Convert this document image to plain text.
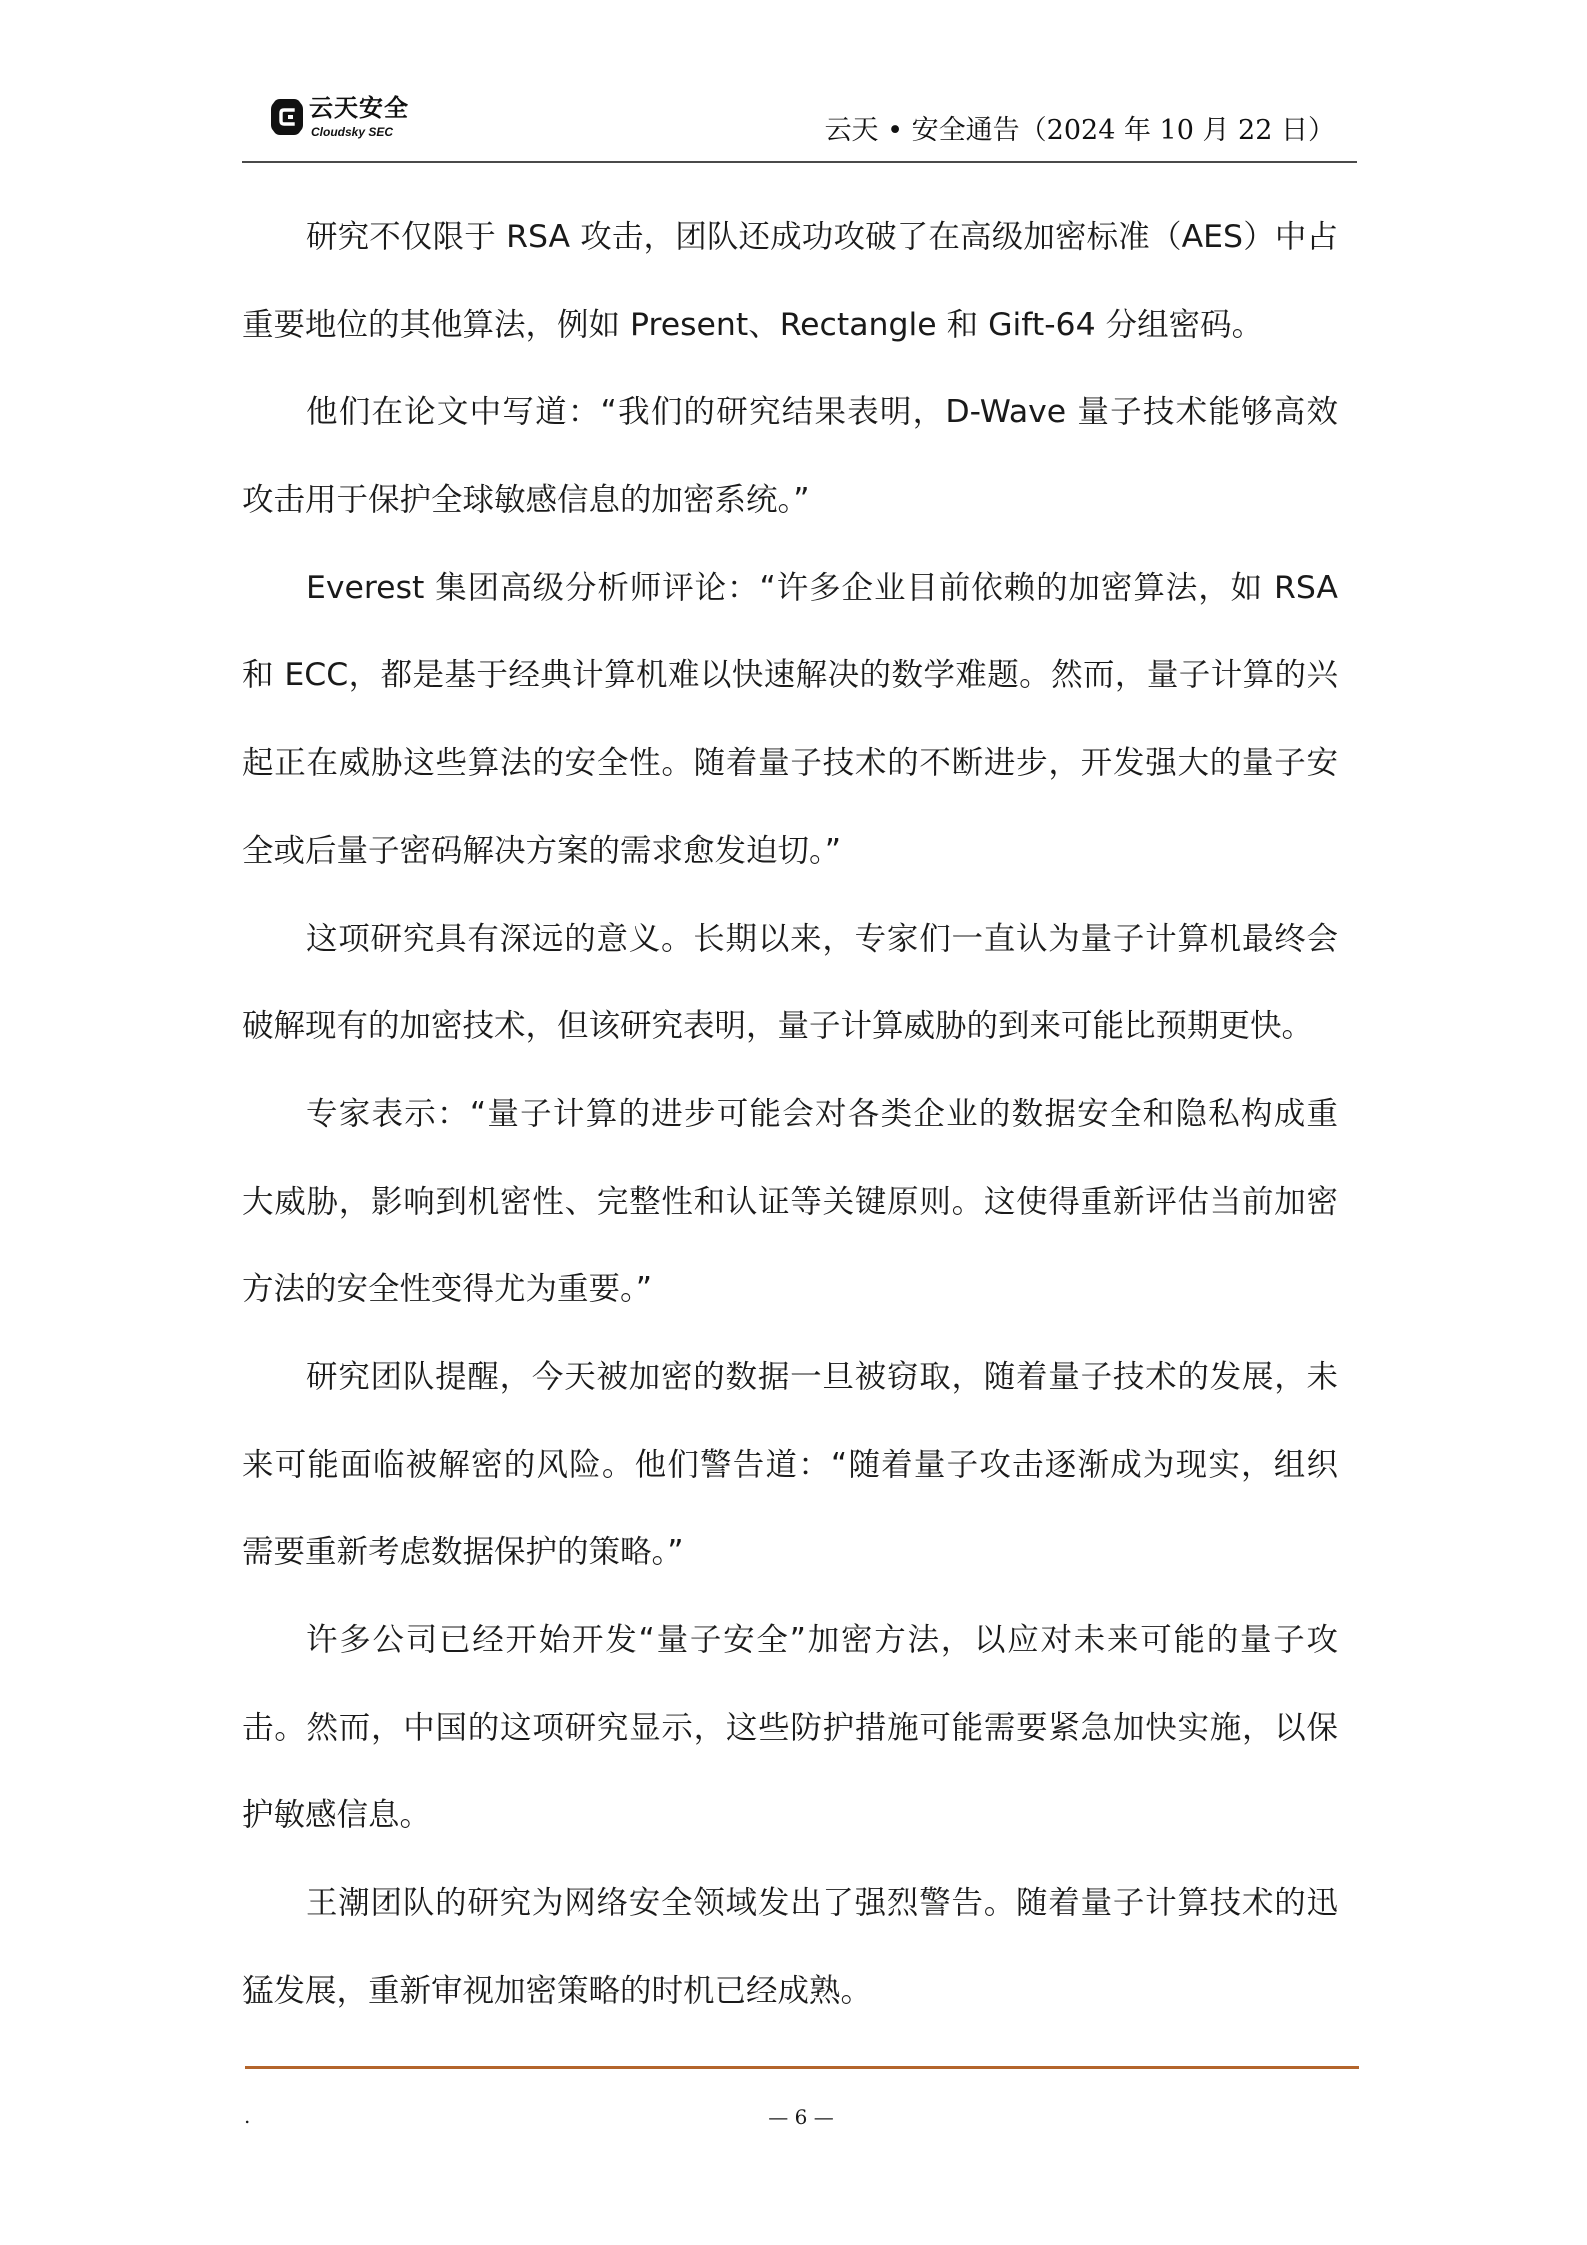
云天安全
Cloudsky SEC	云天 • 安全通告（2024 年 10 月 22 日）
研究不仅限于 RSA 攻击，团队还成功攻破了在高级加密标准（AES）中占
重要地位的其他算法，例如 Present、Rectangle 和 Gift-64 分组密码。
他们在论文中写道：“我们的研究结果表明，D-Wave 量子技术能够高效
攻击用于保护全球敏感信息的加密系统。”
Everest 集团高级分析师评论：“许多企业目前依赖的加密算法，如 RSA
和 ECC，都是基于经典计算机难以快速解决的数学难题。然而，量子计算的兴
起正在威胁这些算法的安全性。随着量子技术的不断进步，开发强大的量子安
全或后量子密码解决方案的需求愈发迫切。”
这项研究具有深远的意义。长期以来，专家们一直认为量子计算机最终会
破解现有的加密技术，但该研究表明，量子计算威胁的到来可能比预期更快。
专家表示：“量子计算的进步可能会对各类企业的数据安全和隐私构成重
大威胁，影响到机密性、完整性和认证等关键原则。这使得重新评估当前加密
方法的安全性变得尤为重要。”
研究团队提醒，今天被加密的数据一旦被窃取，随着量子技术的发展，未
来可能面临被解密的风险。他们警告道：“随着量子攻击逐渐成为现实，组织
需要重新考虑数据保护的策略。”
许多公司已经开始开发“量子安全”加密方法，以应对未来可能的量子攻
击。然而，中国的这项研究显示，这些防护措施可能需要紧急加快实施，以保
护敏感信息。
王潮团队的研究为网络安全领域发出了强烈警告。随着量子计算技术的迅
猛发展，重新审视加密策略的时机已经成熟。
.	— 6 —
